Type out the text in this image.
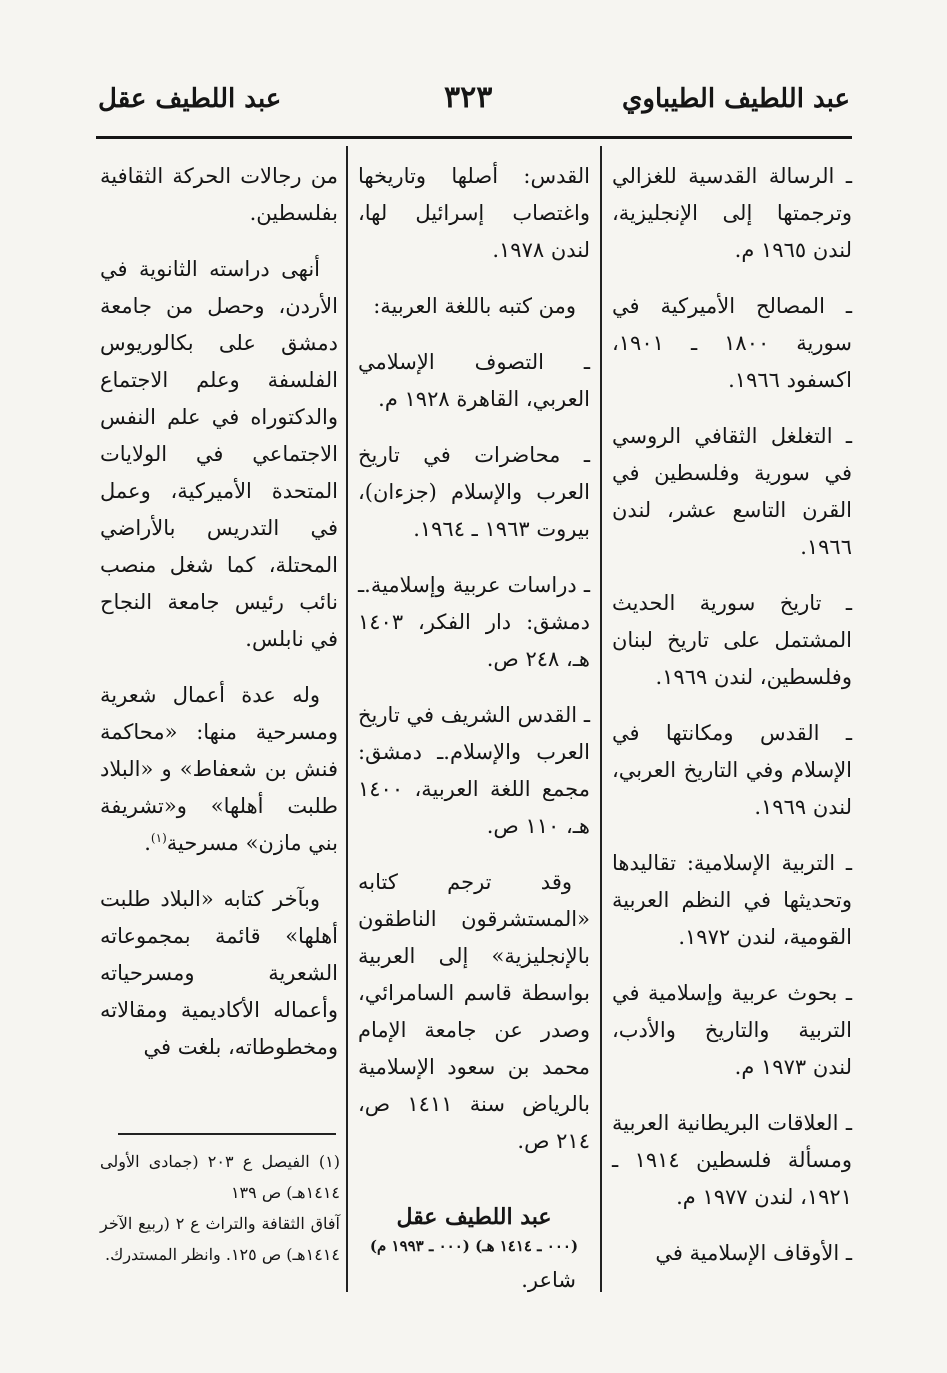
عبد اللطيف الطيباوي
٣٢٣
عبد اللطيف عقل

ـ الرسالة القدسية للغزالي وترجمتها إلى الإنجليزية، لندن ١٩٦٥ م.

ـ المصالح الأميركية في سورية ١٨٠٠ ـ ١٩٠١، اكسفود ١٩٦٦.

ـ التغلغل الثقافي الروسي في سورية وفلسطين في القرن التاسع عشر، لندن ١٩٦٦.

ـ تاريخ سورية الحديث المشتمل على تاريخ لبنان وفلسطين، لندن ١٩٦٩.

ـ القدس ومكانتها في الإسلام وفي التاريخ العربي، لندن ١٩٦٩.

ـ التربية الإسلامية: تقاليدها وتحديثها في النظم العربية القومية، لندن ١٩٧٢.

ـ بحوث عربية وإسلامية في التربية والتاريخ والأدب، لندن ١٩٧٣ م.

ـ العلاقات البريطانية العربية ومسألة فلسطين ١٩١٤ ـ ١٩٢١، لندن ١٩٧٧ م.

ـ الأوقاف الإسلامية في

القدس: أصلها وتاريخها واغتصاب إسرائيل لها، لندن ١٩٧٨.

ومن كتبه باللغة العربية:

ـ التصوف الإسلامي العربي، القاهرة ١٩٢٨ م.

ـ محاضرات في تاريخ العرب والإسلام (جزءان)، بيروت ١٩٦٣ ـ ١٩٦٤.

ـ دراسات عربية وإسلامية.ـ دمشق: دار الفكر، ١٤٠٣ هـ، ٢٤٨ ص.

ـ القدس الشريف في تاريخ العرب والإسلام.ـ دمشق: مجمع اللغة العربية، ١٤٠٠ هـ، ١١٠ ص.

وقد ترجم كتابه «المستشرقون الناطقون بالإنجليزية» إلى العربية بواسطة قاسم السامرائي، وصدر عن جامعة الإمام محمد بن سعود الإسلامية بالرياض سنة ١٤١١ ص، ٢١٤ ص.

عبد اللطيف عقل

(٠٠٠ ـ ١٤١٤ هـ) (٠٠٠ ـ ١٩٩٣ م)

شاعر.

من رجالات الحركة الثقافية بفلسطين.

أنهى دراسته الثانوية في الأردن، وحصل من جامعة دمشق على بكالوريوس الفلسفة وعلم الاجتماع والدكتوراه في علم النفس الاجتماعي في الولايات المتحدة الأميركية، وعمل في التدريس بالأراضي المحتلة، كما شغل منصب نائب رئيس جامعة النجاح في نابلس.

وله عدة أعمال شعرية ومسرحية منها: «محاكمة فنش بن شعفاط» و «البلاد طلبت أهلها» و«تشريفة بني مازن» مسرحية$^{(١)}$.

وبآخر كتابه «البلاد طلبت أهلها» قائمة بمجموعاته الشعرية ومسرحياته وأعماله الأكاديمية ومقالاته ومخطوطاته، بلغت في

(١) الفيصل ع ٢٠٣ (جمادى الأولى ١٤١٤هـ) ص ١٣٩

آفاق الثقافة والتراث ع ٢ (ربيع الآخر ١٤١٤هـ) ص ١٢٥. وانظر المستدرك.
